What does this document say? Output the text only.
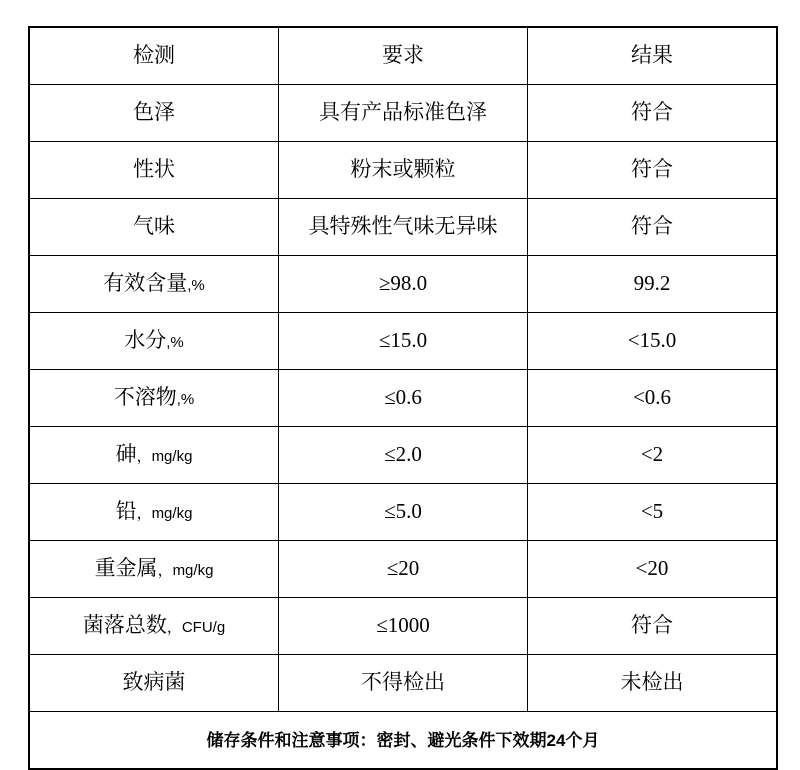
检测	要求	结果
色泽	具有产品标准色泽	符合
性状	粉末或颗粒	符合
气味	具特殊性气味无异味	符合
有效含量,%	≥98.0	99.2
水分,%	≤15.0	<15.0
不溶物,%	≤0.6	<0.6
砷，mg/kg	≤2.0	<2
铅，mg/kg	≤5.0	<5
重金属，mg/kg	≤20	<20
菌落总数，CFU/g	≤1000	符合
致病菌	不得检出	未检出
储存条件和注意事项：密封、避光条件下效期24个月		
